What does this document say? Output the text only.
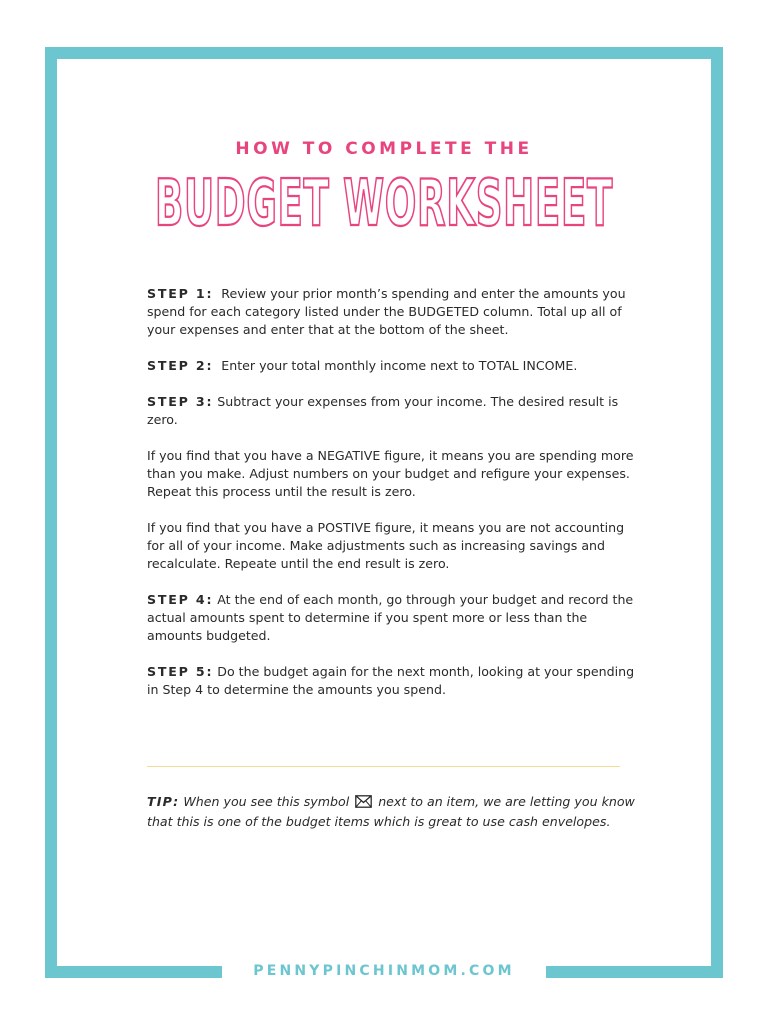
HOW TO COMPLETE THE
BUDGET WORKSHEET

STEP 1: Review your prior month’s spending and enter the amounts you spend for each category listed under the BUDGETED column. Total up all of your expenses and enter that at the bottom of the sheet.

STEP 2: Enter your total monthly income next to TOTAL INCOME.

STEP 3: Subtract your expenses from your income. The desired result is zero.

If you find that you have a NEGATIVE figure, it means you are spending more than you make. Adjust numbers on your budget and refigure your expenses. Repeat this process until the result is zero.

If you find that you have a POSTIVE figure, it means you are not accounting for all of your income. Make adjustments such as increasing savings and recalculate. Repeate until the end result is zero.

STEP 4: At the end of each month, go through your budget and record the actual amounts spent to determine if you spent more or less than the amounts budgeted.

STEP 5: Do the budget again for the next month, looking at your spending in Step 4 to determine the amounts you spend.

TIP: When you see this symbol next to an item, we are letting you know that this is one of the budget items which is great to use cash envelopes.
PENNYPINCHINMOM.COM
